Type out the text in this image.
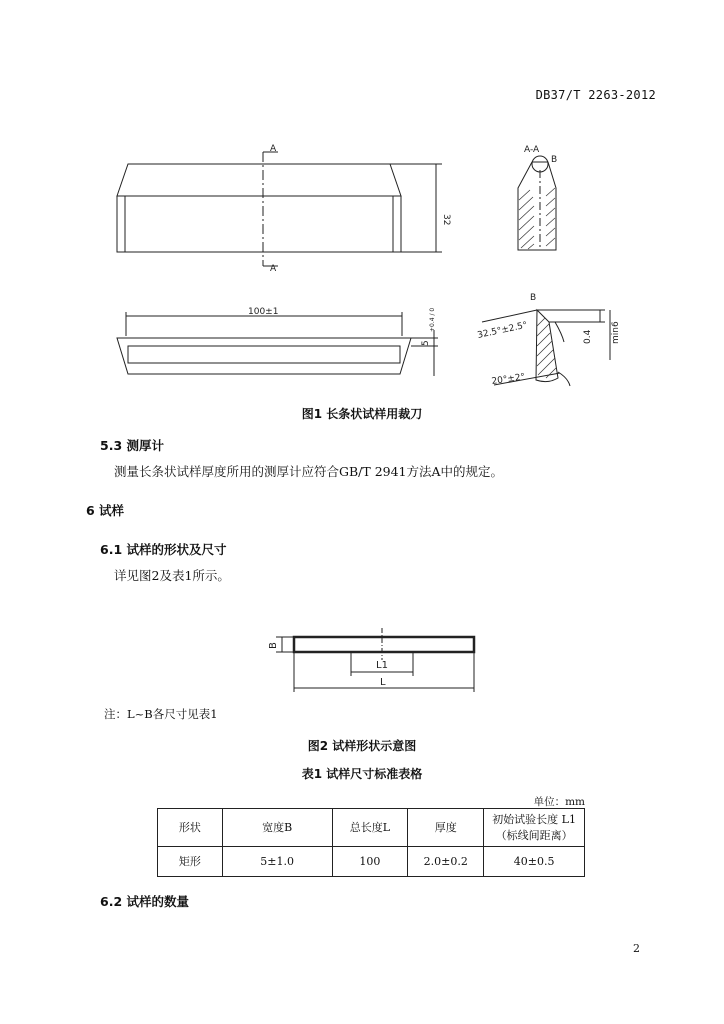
DB37/T 2263-2012
A
A
32
A-A
B
100±1
5
+0.4 / 0
B
32.5°±2.5°	0.4 min6
20°±2°
图1 长条状试样用裁刀
5.3 测厚计
测量长条状试样厚度所用的测厚计应符合GB/T 2941方法A中的规定。
6 试样
6.1 试样的形状及尺寸
详见图2及表1所示。
B
L1
L
注：L~B各尺寸见表1
图2 试样形状示意图
表1 试样尺寸标准表格
单位：mm
形状	宽度B	总长度L	厚度	初始试验长度 L1
（标线间距离）

矩形	5±1.0	100	2.0±0.2	40±0.5
6.2 试样的数量
2
